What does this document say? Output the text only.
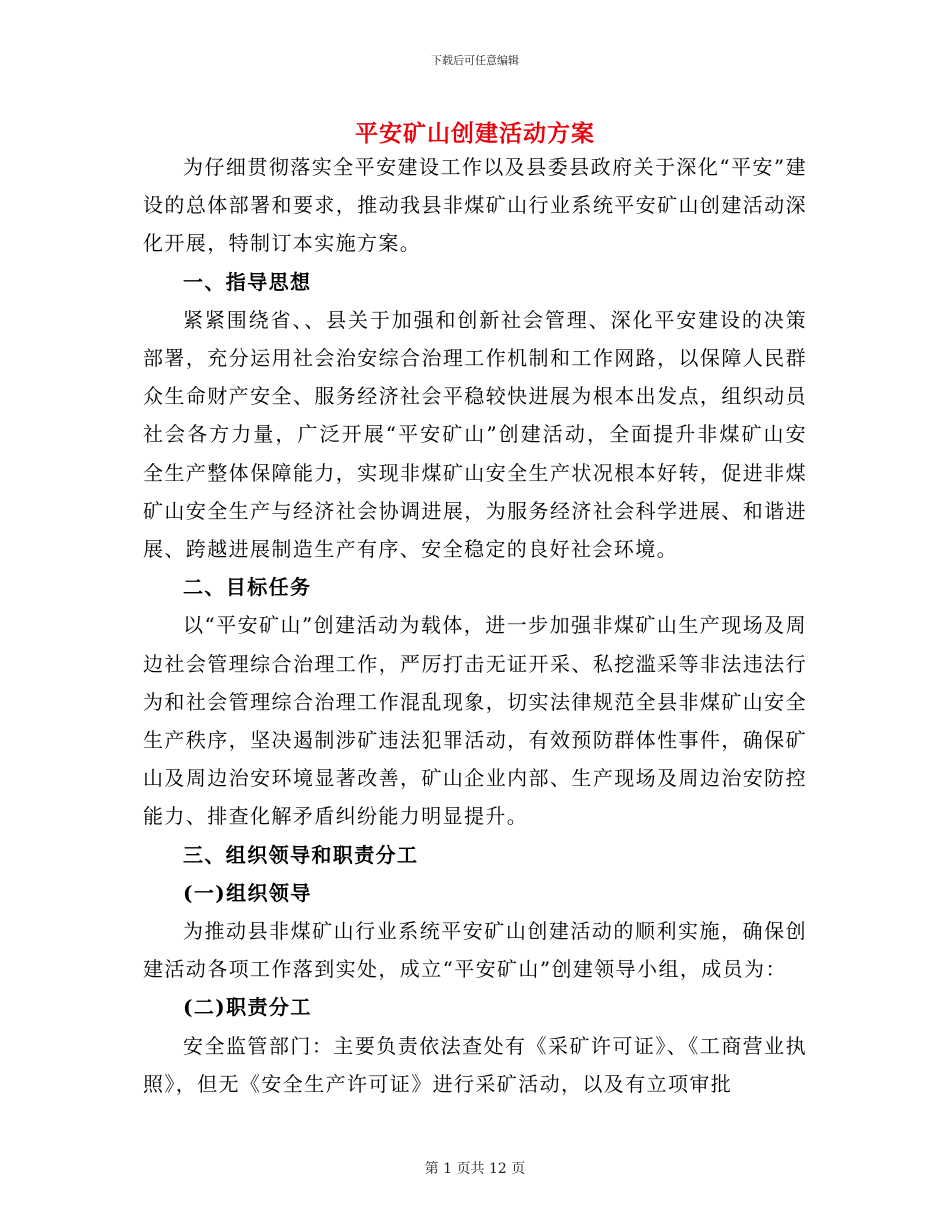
下载后可任意编辑
平安矿山创建活动方案

为仔细贯彻落实全平安建设工作以及县委县政府关于深化“平安”建设的总体部署和要求，推动我县非煤矿山行业系统平安矿山创建活动深化开展，特制订本实施方案。

一、指导思想

紧紧围绕省、、县关于加强和创新社会管理、深化平安建设的决策部署，充分运用社会治安综合治理工作机制和工作网路，以保障人民群众生命财产安全、服务经济社会平稳较快进展为根本出发点，组织动员社会各方力量，广泛开展“平安矿山”创建活动，全面提升非煤矿山安全生产整体保障能力，实现非煤矿山安全生产状况根本好转，促进非煤矿山安全生产与经济社会协调进展，为服务经济社会科学进展、和谐进展、跨越进展制造生产有序、安全稳定的良好社会环境。

二、目标任务

以“平安矿山”创建活动为载体，进一步加强非煤矿山生产现场及周边社会管理综合治理工作，严厉打击无证开采、私挖滥采等非法违法行为和社会管理综合治理工作混乱现象，切实法律规范全县非煤矿山安全生产秩序，坚决遏制涉矿违法犯罪活动，有效预防群体性事件，确保矿山及周边治安环境显著改善，矿山企业内部、生产现场及周边治安防控能力、排查化解矛盾纠纷能力明显提升。

三、组织领导和职责分工
(一)组织领导

为推动县非煤矿山行业系统平安矿山创建活动的顺利实施，确保创建活动各项工作落到实处，成立“平安矿山”创建领导小组，成员为：

(二)职责分工

安全监管部门：主要负责依法查处有《采矿许可证》、《工商营业执照》，但无《安全生产许可证》进行采矿活动，以及有立项审批

第 1 页共 12 页
